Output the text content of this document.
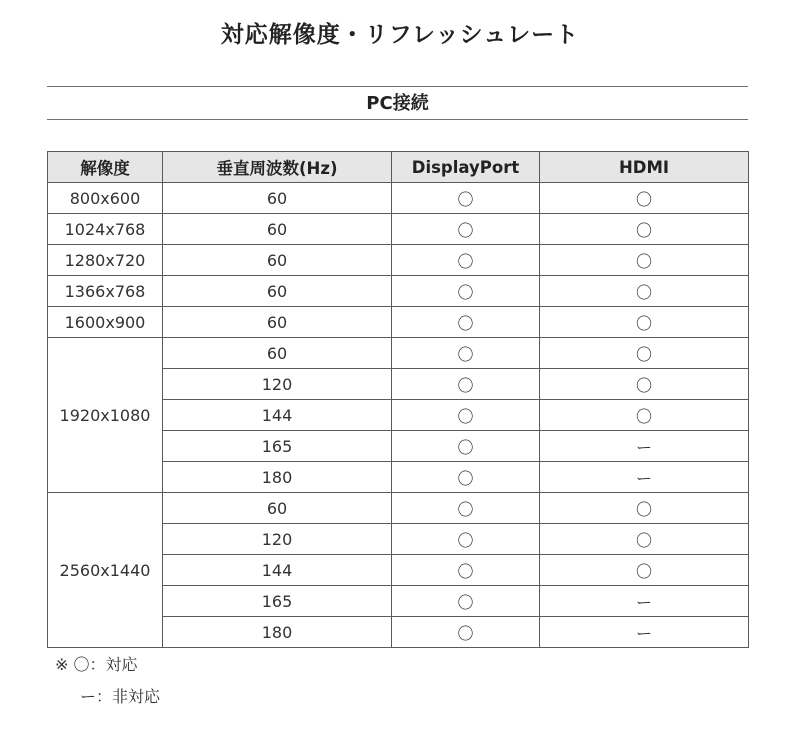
対応解像度・リフレッシュレート
PC接続
解像度	垂直周波数(Hz)	DisplayPort	HDMI
800x600	60	〇	〇
1024x768	60	〇	〇
1280x720	60	〇	〇
1366x768	60	〇	〇
1600x900	60	〇	〇
1920x1080	60	〇	〇
	120	〇	〇
	144	〇	〇
	165	〇	ー
	180	〇	ー
2560x1440	60	〇	〇
	120	〇	〇
	144	〇	〇
	165	〇	ー
	180	〇	ー
※ 〇：対応
ー：非対応
